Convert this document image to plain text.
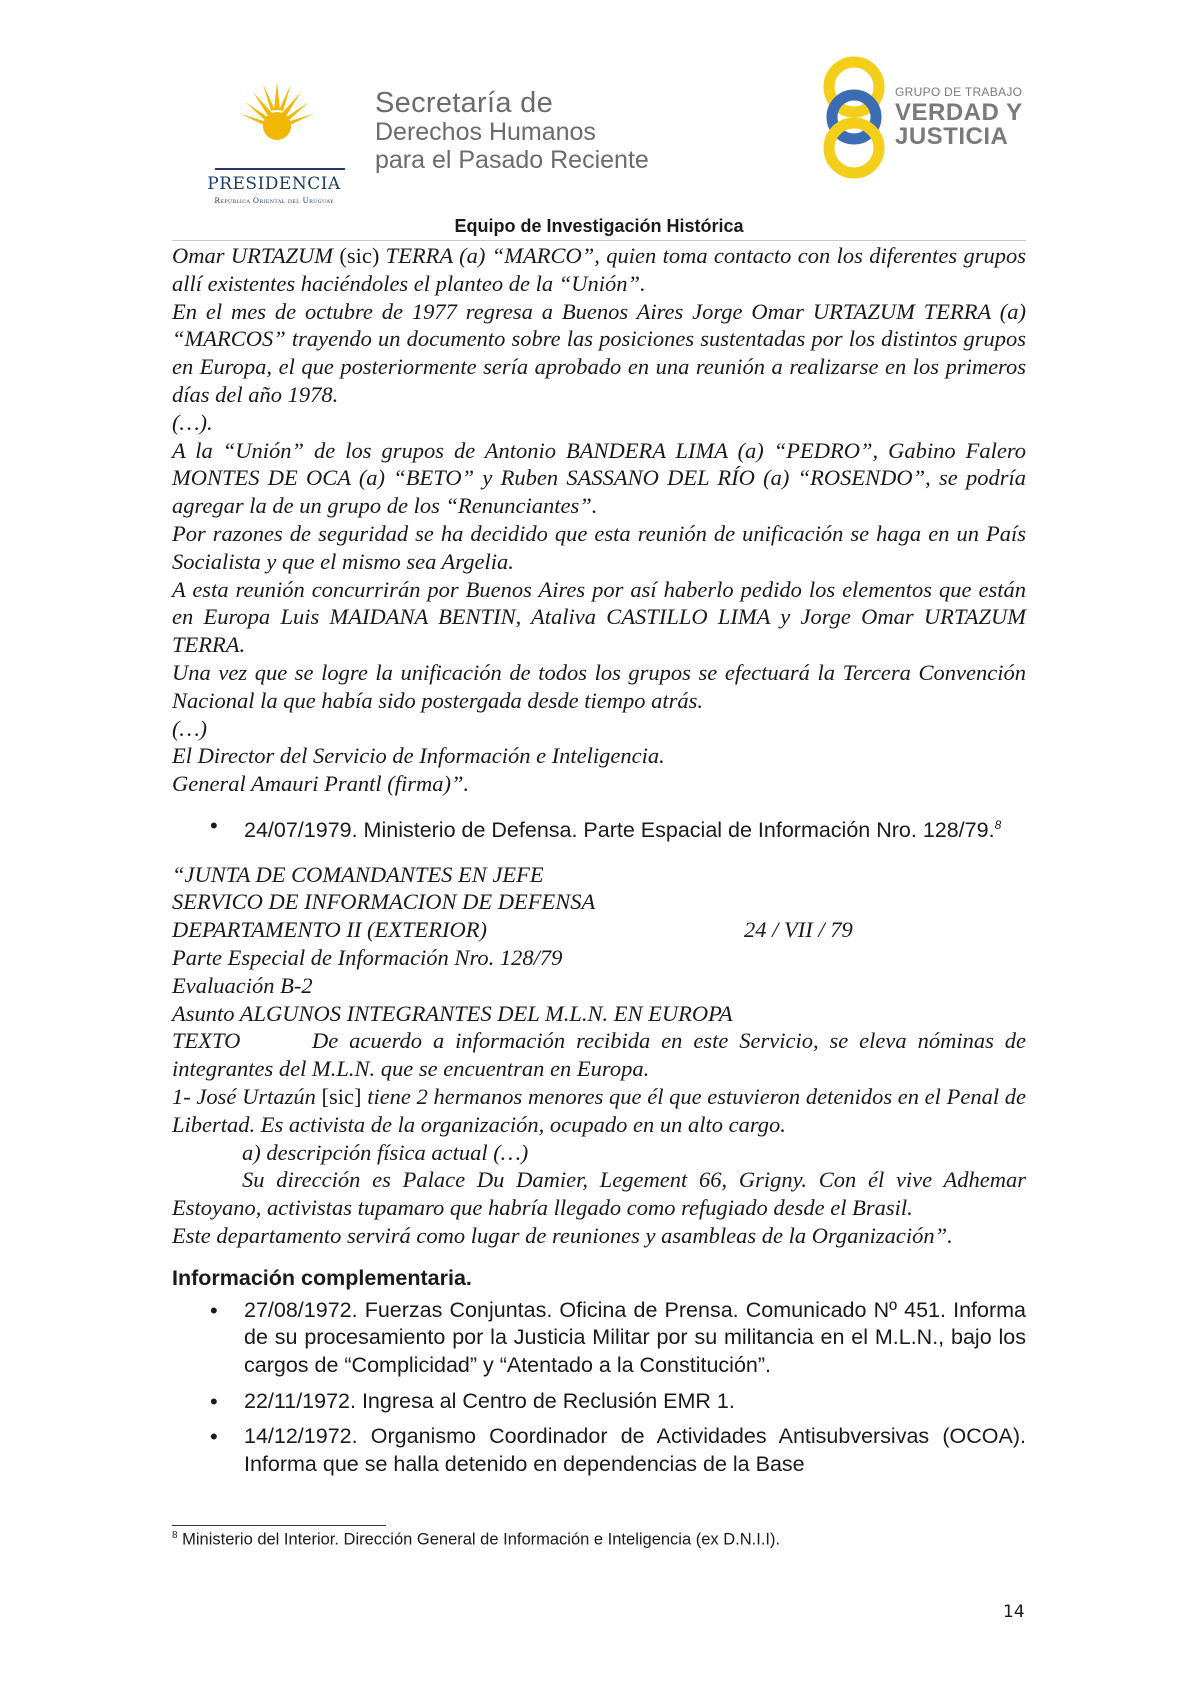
PRESIDENCIA
República Oriental del Uruguay
Secretaría de
Derechos Humanos
para el Pasado Reciente
GRUPO DE TRABAJO
VERDAD Y
JUSTICIA
Equipo de Investigación Histórica

Omar URTAZUM (sic) TERRA (a) “MARCO”, quien toma contacto con los diferentes grupos allí existentes haciéndoles el planteo de la “Unión”.

En el mes de octubre de 1977 regresa a Buenos Aires Jorge Omar URTAZUM TERRA (a) “MARCOS” trayendo un documento sobre las posiciones sustentadas por los distintos grupos en Europa, el que posteriormente sería aprobado en una reunión a realizarse en los primeros días del año 1978.

(…).

A la “Unión” de los grupos de Antonio BANDERA LIMA (a) “PEDRO”, Gabino Falero MONTES DE OCA (a) “BETO” y Ruben SASSANO DEL RÍO (a) “ROSENDO”, se podría agregar la de un grupo de los “Renunciantes”.

Por razones de seguridad se ha decidido que esta reunión de unificación se haga en un País Socialista y que el mismo sea Argelia.

A esta reunión concurrirán por Buenos Aires por así haberlo pedido los elementos que están en Europa Luis MAIDANA BENTIN, Ataliva CASTILLO LIMA y Jorge Omar URTAZUM TERRA.

Una vez que se logre la unificación de todos los grupos se efectuará la Tercera Convención Nacional la que había sido postergada desde tiempo atrás.

(…)

El Director del Servicio de Información e Inteligencia.

General Amauri Prantl (firma)”.

• 24/07/1979. Ministerio de Defensa. Parte Espacial de Información Nro. 128/79.$^8$

“JUNTA DE COMANDANTES EN JEFE

SERVICO DE INFORMACION DE DEFENSA

DEPARTAMENTO II (EXTERIOR)	24 / VII / 79

Parte Especial de Información Nro. 128/79

Evaluación B-2

Asunto ALGUNOS INTEGRANTES DEL M.L.N. EN EUROPA

TEXTO	De acuerdo a información recibida en este Servicio, se eleva nóminas de integrantes del M.L.N. que se encuentran en Europa.

1- José Urtazún [sic] tiene 2 hermanos menores que él que estuvieron detenidos en el Penal de Libertad. Es activista de la organización, ocupado en un alto cargo.

a) descripción física actual (…)

Su dirección es Palace Du Damier, Legement 66, Grigny. Con él vive Adhemar Estoyano, activistas tupamaro que habría llegado como refugiado desde el Brasil.

Este departamento servirá como lugar de reuniones y asambleas de la Organización”.

Información complementaria.

• 27/08/1972. Fuerzas Conjuntas. Oficina de Prensa. Comunicado Nº 451. Informa de su procesamiento por la Justicia Militar por su militancia en el M.L.N., bajo los cargos de “Complicidad” y “Atentado a la Constitución”.

• 22/11/1972. Ingresa al Centro de Reclusión EMR 1.

• 14/12/1972. Organismo Coordinador de Actividades Antisubversivas (OCOA). Informa que se halla detenido en dependencias de la Base

$^8$ Ministerio del Interior. Dirección General de Información e Inteligencia (ex D.N.I.I).
14
